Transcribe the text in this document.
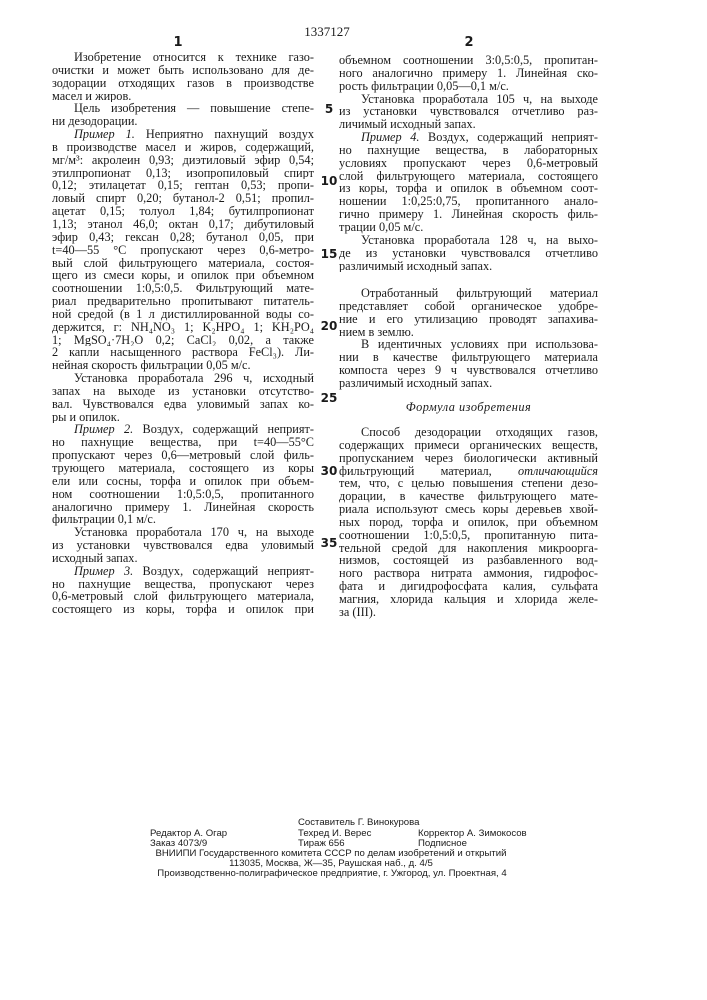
1337127
1	2
5
10
15
20
25
30
35
Изобретение относится к технике газо-
очистки и может быть использовано для де-
зодорации отходящих газов в производстве
масел и жиров.
Цель изобретения — повышение степе-
ни дезодорации.
Пример 1. Неприятно пахнущий воздух
в производстве масел и жиров, содержащий,
мг/м³: акролеин 0,93; диэтиловый эфир 0,54;
этилпропионат 0,13; изопропиловый спирт
0,12; этилацетат 0,15; гептан 0,53; пропи-
ловый спирт 0,20; бутанол-2 0,51; пропил-
ацетат 0,15; толуол 1,84; бутилпропионат
1,13; этанол 46,0; октан 0,17; дибутиловый
эфир 0,43; гексан 0,28; бутанол 0,05, при
t=40—55 °С пропускают через 0,6-метро-
вый слой фильтрующего материала, состоя-
щего из смеси коры, и опилок при объемном
соотношении 1:0,5:0,5. Фильтрующий мате-
риал предварительно пропитывают питатель-
ной средой (в 1 л дистиллированной воды со-
держится, г: NH₄NO₃ 1; K₂HPO₄ 1; KH₂PO₄
1; MgSO₄·7H₂O 0,2; CaCl₂ 0,02, а также
2 капли насыщенного раствора FeCl₃). Ли-
нейная скорость фильтрации 0,05 м/с.
Установка проработала 296 ч, исходный
запах на выходе из установки отсутство-
вал. Чувствовался едва уловимый запах ко-
ры и опилок.
Пример 2. Воздух, содержащий неприят-
но пахнущие вещества, при t=40—55°C
пропускают через 0,6—метровый слой филь-
трующего материала, состоящего из коры
ели или сосны, торфа и опилок при объем-
ном соотношении 1:0,5:0,5, пропитанного
аналогично примеру 1. Линейная скорость
фильтрации 0,1 м/с.
Установка проработала 170 ч, на выходе
из установки чувствовался едва уловимый
исходный запах.
Пример 3. Воздух, содержащий неприят-
но пахнущие вещества, пропускают через
0,6-метровый слой фильтрующего материала,
состоящего из коры, торфа и опилок при
объемном соотношении 3:0,5:0,5, пропитан-
ного аналогично примеру 1. Линейная ско-
рость фильтрации 0,05—0,1 м/с.
Установка проработала 105 ч, на выходе
из установки чувствовался отчетливо раз-
личимый исходный запах.
Пример 4. Воздух, содержащий неприят-
но пахнущие вещества, в лабораторных
условиях пропускают через 0,6-метровый
слой фильтрующего материала, состоящего
из коры, торфа и опилок в объемном соот-
ношении 1:0,25:0,75, пропитанного анало-
гично примеру 1. Линейная скорость филь-
трации 0,05 м/с.
Установка проработала 128 ч, на выхо-
де из установки чувствовался отчетливо
различимый исходный запах.
Отработанный фильтрующий материал
представляет собой органическое удобре-
ние и его утилизацию проводят запахива-
нием в землю.
В идентичных условиях при использова-
нии в качестве фильтрующего материала
компоста через 9 ч чувствовался отчетливо
различимый исходный запах.
Формула изобретения
Способ дезодорации отходящих газов,
содержащих примеси органических веществ,
пропусканием через биологически активный
фильтрующий материал, отличающийся
тем, что, с целью повышения степени дезо-
дорации, в качестве фильтрующего мате-
риала используют смесь коры деревьев хвой-
ных пород, торфа и опилок, при объемном
соотношении 1:0,5:0,5, пропитанную пита-
тельной средой для накопления микроорга-
низмов, состоящей из разбавленного вод-
ного раствора нитрата аммония, гидрофос-
фата и дигидрофосфата калия, сульфата
магния, хлорида кальция и хлорида желе-
за (III).
Составитель Г. Винокурова
Редактор А. Огар	Техред И. Верес	Корректор А. Зимокосов
Заказ 4073/9	Тираж 656	Подписное
ВНИИПИ Государственного комитета СССР по делам изобретений и открытий
113035, Москва, Ж—35, Раушская наб., д. 4/5
Производственно-полиграфическое предприятие, г. Ужгород, ул. Проектная, 4
